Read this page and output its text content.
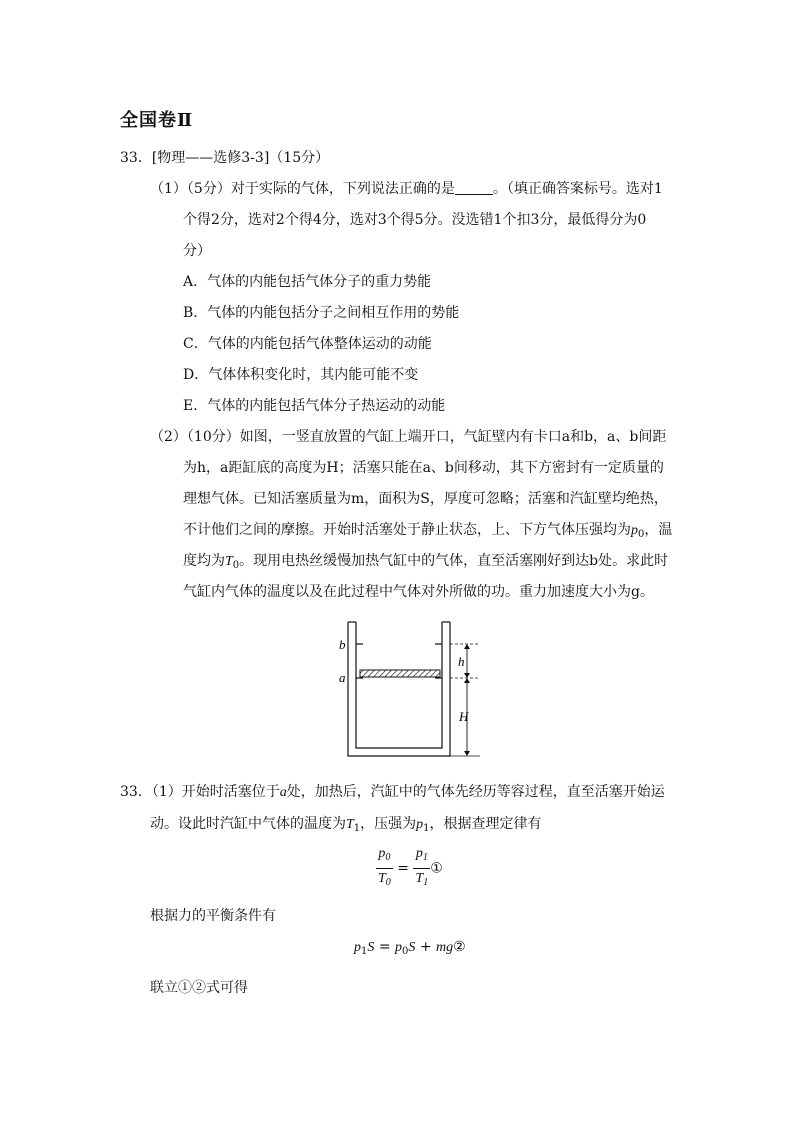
全国卷Ⅱ
33．[物理——选修3-3]（15分）
（1）（5分）对于实际的气体，下列说法正确的是	。（填正确答案标号。选对1
个得2分，选对2个得4分，选对3个得5分。没选错1个扣3分，最低得分为0
分）
A．气体的内能包括气体分子的重力势能
B．气体的内能包括分子之间相互作用的势能
C．气体的内能包括气体整体运动的动能
D．气体体积变化时，其内能可能不变
E．气体的内能包括气体分子热运动的动能
（2）（10分）如图，一竖直放置的气缸上端开口，气缸壁内有卡口a和b，a、b间距
为h，a距缸底的高度为H；活塞只能在a、b间移动，其下方密封有一定质量的
理想气体。已知活塞质量为m，面积为S，厚度可忽略；活塞和汽缸壁均绝热，
不计他们之间的摩擦。开始时活塞处于静止状态，上、下方气体压强均为$p_0$，温
度均为$T_0$。现用电热丝缓慢加热气缸中的气体，直至活塞刚好到达b处。求此时
气缸内气体的温度以及在此过程中气体对外所做的功。重力加速度大小为g。
b
a
h
H
33．（1）开始时活塞位于a处，加热后，汽缸中的气体先经历等容过程，直至活塞开始运
动。设此时汽缸中气体的温度为$T_1$，压强为$p_1$，根据查理定律有
$\frac{p_0}{T_0} = \frac{p_1}{T_1}$ ①
根据力的平衡条件有
$p_1S = p_0S$ + mg②
联立①②式可得
